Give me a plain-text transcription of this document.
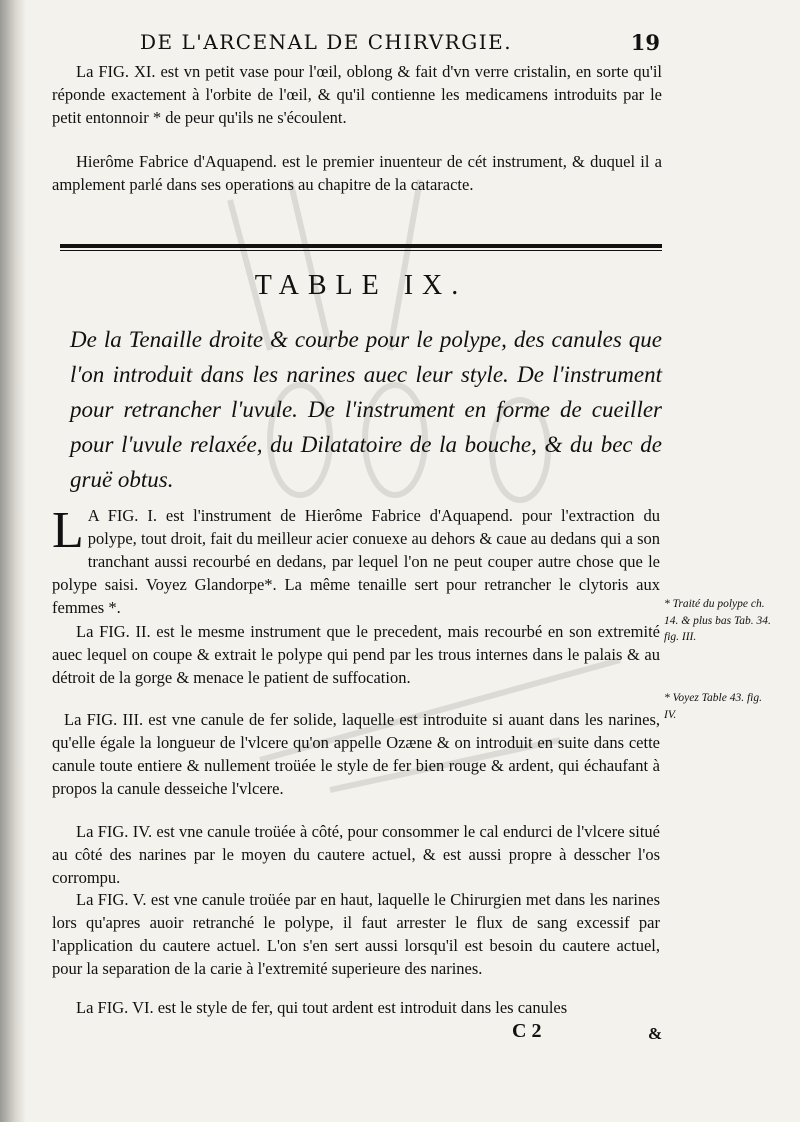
DE L'ARCENAL DE CHIRVRGIE.	19
La FIG. XI. est vn petit vase pour l'œil, oblong & fait d'vn verre cristalin, en sorte qu'il réponde exactement à l'orbite de l'œil, & qu'il contienne les medicamens introduits par le petit entonnoir * de peur qu'ils ne s'écoulent.
Hierôme Fabrice d'Aquapend. est le premier inuenteur de cét instrument, & duquel il a amplement parlé dans ses operations au chapitre de la cataracte.
TABLE IX.
De la Tenaille droite & courbe pour le polype, des canules que l'on introduit dans les narines auec leur style. De l'instrument pour retrancher l'uvule. De l'instrument en forme de cueiller pour l'uvule relaxée, du Dilatatoire de la bouche, & du bec de gruë obtus.
L A FIG. I. est l'instrument de Hierôme Fabrice d'Aquapend. pour l'extraction du polype, tout droit, fait du meilleur acier conuexe au dehors & caue au dedans qui a son tranchant aussi recourbé en dedans, par lequel l'on ne peut couper autre chose que le polype saisi. Voyez Glandorpe*. La même tenaille sert pour retrancher le clytoris aux femmes *.
La FIG. II. est le mesme instrument que le precedent, mais recourbé en son extremité auec lequel on coupe & extrait le polype qui pend par les trous internes dans le palais & au détroit de la gorge & menace le patient de suffocation.
La FIG. III. est vne canule de fer solide, laquelle est introduite si auant dans les narines, qu'elle égale la longueur de l'vlcere qu'on appelle Ozæne & on introduit en suite dans cette canule toute entiere & nullement troüée le style de fer bien rouge & ardent, qui échaufant à propos la canule desseiche l'vlcere.
La FIG. IV. est vne canule troüée à côté, pour consommer le cal endurci de l'vlcere situé au côté des narines par le moyen du cautere actuel, & est aussi propre à desscher l'os corrompu.
La FIG. V. est vne canule troüée par en haut, laquelle le Chirurgien met dans les narines lors qu'apres auoir retranché le polype, il faut arrester le flux de sang excessif par l'application du cautere actuel. L'on s'en sert aussi lorsqu'il est besoin du cautere actuel, pour la separation de la carie à l'extremité superieure des narines.
La FIG. VI. est le style de fer, qui tout ardent est introduit dans les canules
* Traité du polype ch. 14. & plus bas Tab. 34. fig. III.
* Voyez Table 43. fig. IV.
C 2	&
